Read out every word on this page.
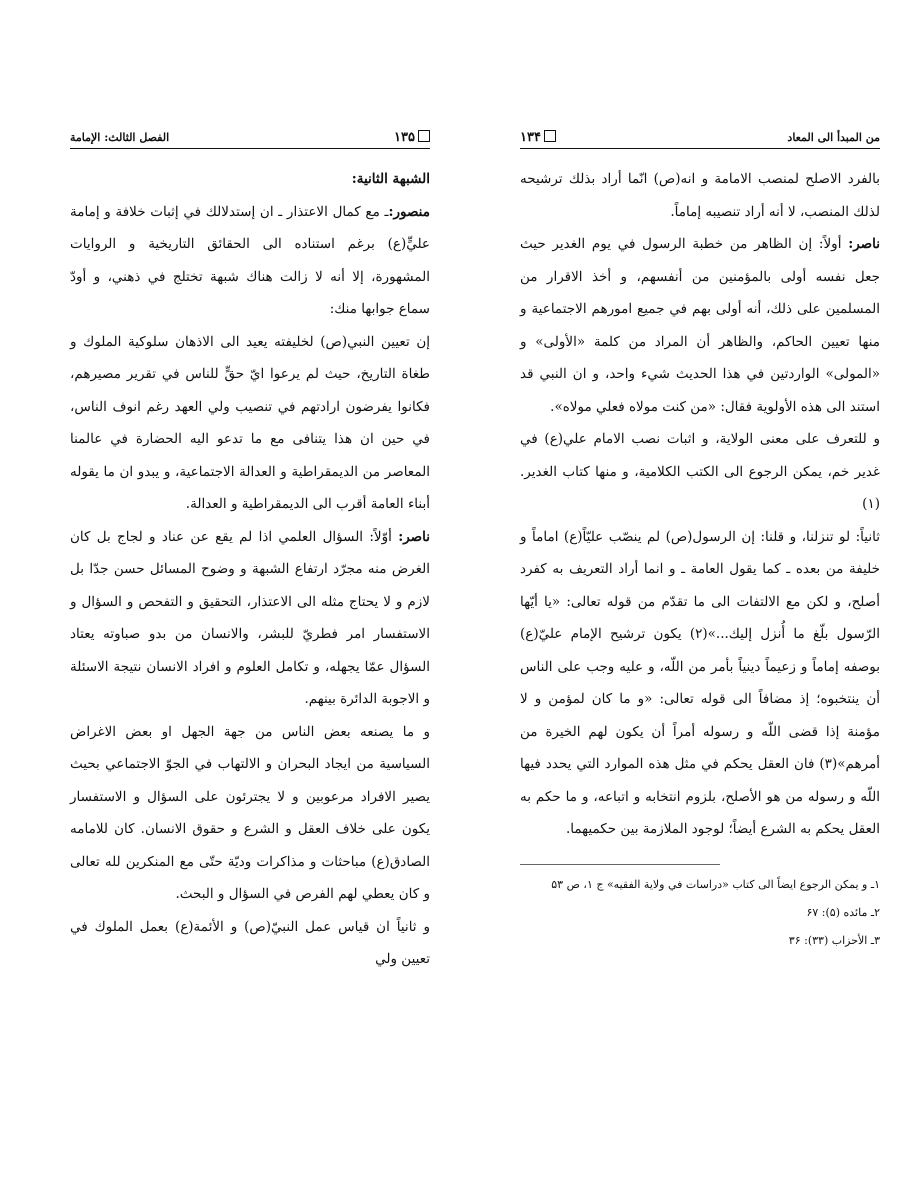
۱۳۵
الفصل الثالث: الإمامة

الشبهة الثانية:

منصور:ـ مع كمال الاعتذار ـ ان إستدلالك في إثبات خلافة و إمامة عليٍّ(ع) برغم استناده الى الحقائق التاريخية و الروايات المشهورة، إلا أنه لا زالت هناك شبهة تختلج في ذهني، و أودّ سماع جوابها منك:

إن تعيين النبي(ص) لخليفته يعيد الى الاذهان سلوكية الملوك و طغاة التاريخ، حيث لم يرعوا ايّ حقٍّ للناس في تقرير مصيرهم، فكانوا يفرضون ارادتهم في تنصيب ولي العهد رغم انوف الناس، في حين ان هذا يتنافى مع ما تدعو اليه الحضارة في عالمنا المعاصر من الديمقراطية و العدالة الاجتماعية، و يبدو ان ما يقوله أبناء العامة أقرب الى الديمقراطية و العدالة.

ناصر: أوّلاً: السؤال العلمي اذا لم يقع عن عناد و لجاج بل كان الغرض منه مجرّد ارتفاع الشبهة و وضوح المسائل حسن جدّا بل لازم و لا يحتاج مثله الى الاعتذار، التحقيق و التفحص و السؤال و الاستفسار امر فطريّ للبشر، والانسان من بدو صباوته يعتاد السؤال عمّا يجهله، و تكامل العلوم و افراد الانسان نتيجة الاسئلة و الاجوبة الدائرة بينهم.

و ما يصنعه بعض الناس من جهة الجهل او بعض الاغراض السياسية من ايجاد البحران و الالتهاب في الجوّ الاجتماعي بحيث يصير الافراد مرعوبين و لا يجترئون على السؤال و الاستفسار يكون على خلاف العقل و الشرع و حقوق الانسان. كان للامامه الصادق(ع) مباحثات و مذاكرات وديّة حتّى مع المنكرين لله تعالى و كان يعطي لهم الفرص في السؤال و البحث.

و ثانياً ان قياس عمل النبيّ(ص) و الأئمة(ع) بعمل الملوك في تعيين ولي

من المبدأ الى المعاد
۱۳۴

بالفرد الاصلح لمنصب الامامة و انه(ص) انّما أراد بذلك ترشيحه لذلك المنصب، لا أنه أراد تنصيبه إماماً.

ناصر: أولاً: إن الظاهر من خطبة الرسول في يوم الغدير حيث جعل نفسه أولى بالمؤمنين من أنفسهم، و أخذ الاقرار من المسلمين على ذلك، أنه أولى بهم في جميع امورهم الاجتماعية و منها تعيين الحاكم، والظاهر أن المراد من كلمة «الأولى» و «المولى» الواردتين في هذا الحديث شيء واحد، و ان النبي قد استند الى هذه الأولوية فقال: «من كنت مولاه فعلي مولاه».

و للتعرف على معنى الولاية، و اثبات نصب الامام علي(ع) في غدير خم، يمكن الرجوع الى الكتب الكلامية، و منها كتاب الغدير.(۱)

ثانياً: لو تنزلنا، و قلنا: إن الرسول(ص) لم ينصّب عليّاً(ع) اماماً و خليفة من بعده ـ كما يقول العامة ـ و انما أراد التعريف به كفرد أصلح، و لكن مع الالتفات الى ما تقدّم من قوله تعالى: «يا أيّها الرّسول بلّغ ما أُنزل إليك...»(۲) يكون ترشيح الإمام عليّ(ع) بوصفه إماماً و زعيماً دينياً بأمر من اللّه، و عليه وجب على الناس أن ينتخبوه؛ إذ مضافاً الى قوله تعالى: «و ما كان لمؤمن و لا مؤمنة إذا قضى اللّه و رسوله أمراً أن يكون لهم الخيرة من أمرهم»(۳) فان العقل يحكم في مثل هذه الموارد التي يحدد فيها اللّه و رسوله من هو الأصلح، بلزوم انتخابه و اتباعه، و ما حكم به العقل يحكم به الشرع أيضاً؛ لوجود الملازمة بين حكميهما.

۱ـ و يمكن الرجوع ايضاً الى كتاب «دراسات في ولاية الفقيه» ج ۱، ص ۵۳

۲ـ مائده (۵): ۶۷

۳ـ الأحزاب (۳۳): ۳۶
